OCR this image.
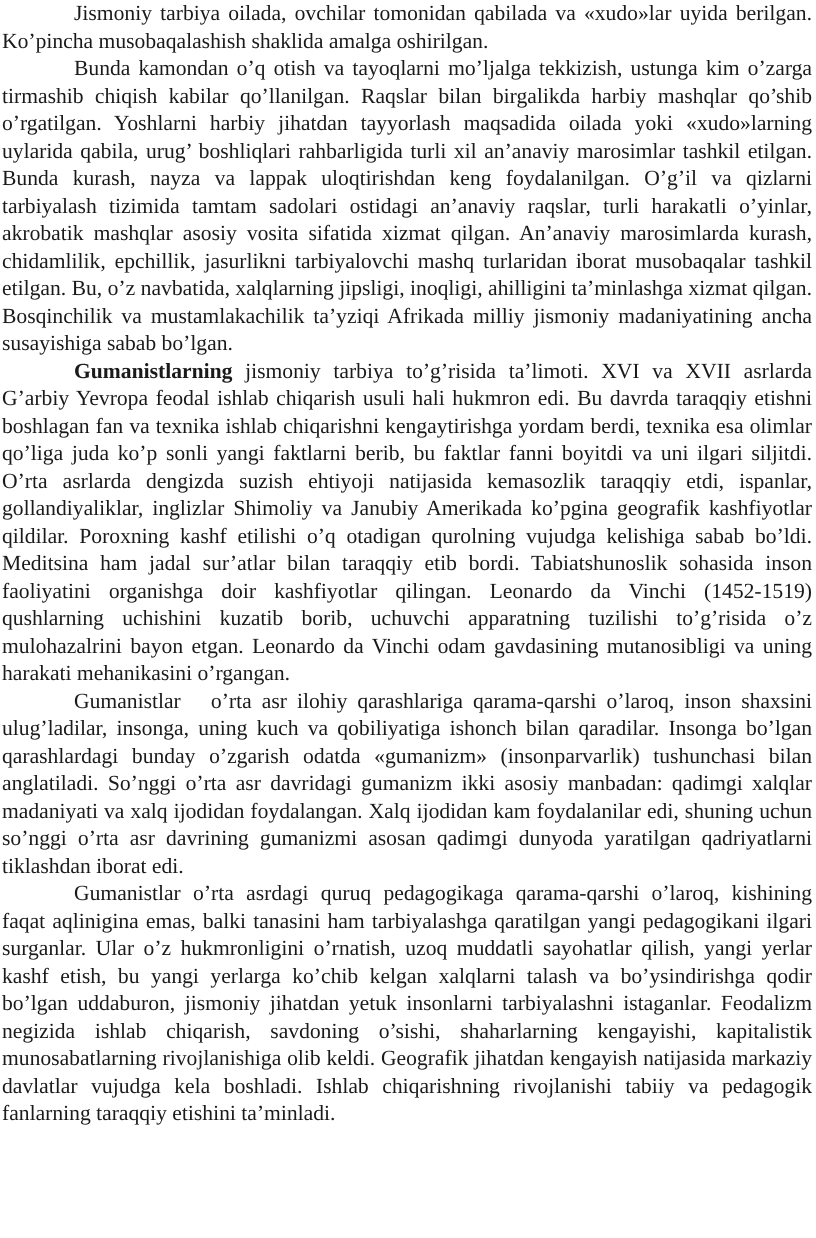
Jismoniy tarbiya oilada, ovchilar tomonidan qabilada va «xudo»lar uyida berilgan. Ko’pincha musobaqalashish shaklida amalga oshirilgan.

Bunda kamondan o’q otish va tayoqlarni mo’ljalga tekkizish, ustunga kim o’zarga tirmashib chiqish kabilar qo’llanilgan. Raqslar bilan birgalikda harbiy mashqlar qo’shib o’rgatilgan. Yoshlarni harbiy jihatdan tayyorlash maqsadida oilada yoki «xudo»larning uylarida qabila, urug’ boshliqlari rahbarligida turli xil an’anaviy marosimlar tashkil etilgan. Bunda kurash, nayza va lappak uloqtirishdan keng foydalanilgan. O’g’il va qizlarni tarbiyalash tizimida tamtam sadolari ostidagi an’anaviy raqslar, turli harakatli o’yinlar, akrobatik mashqlar asosiy vosita sifatida xizmat qilgan. An’anaviy marosimlarda kurash, chidamlilik, epchillik, jasurlikni tarbiyalovchi mashq turlaridan iborat musobaqalar tashkil etilgan. Bu, o’z navbatida, xalqlarning jipsligi, inoqligi, ahilligini ta’minlashga xizmat qilgan. Bosqinchilik va mustamlakachilik ta’yziqi Afrikada milliy jismoniy madaniyatining ancha susayishiga sabab bo’lgan.

Gumanistlarning jismoniy tarbiya to’g’risida ta’limoti. XVI va XVII asrlarda G’arbiy Yevropa feodal ishlab chiqarish usuli hali hukmron edi. Bu davrda taraqqiy etishni boshlagan fan va texnika ishlab chiqarishni kengaytirishga yordam berdi, texnika esa olimlar qo’liga juda ko’p sonli yangi faktlarni berib, bu faktlar fanni boyitdi va uni ilgari siljitdi. O’rta asrlarda dengizda suzish ehtiyoji natijasida kemasozlik taraqqiy etdi, ispanlar, gollandiyaliklar, inglizlar Shimoliy va Janubiy Amerikada ko’pgina geografik kashfiyotlar qildilar. Poroxning kashf etilishi o’q otadigan qurolning vujudga kelishiga sabab bo’ldi. Meditsina ham jadal sur’atlar bilan taraqqiy etib bordi. Tabiatshunoslik sohasida inson faoliyatini organishga doir kashfiyotlar qilingan. Leonardo da Vinchi (1452-1519) qushlarning uchishini kuzatib borib, uchuvchi apparatning tuzilishi to’g’risida o’z mulohazalrini bayon etgan. Leonardo da Vinchi odam gavdasining mutanosibligi va uning harakati mehanikasini o’rgangan.

Gumanistlar o’rta asr ilohiy qarashlariga qarama-qarshi o’laroq, inson shaxsini ulug’ladilar, insonga, uning kuch va qobiliyatiga ishonch bilan qaradilar. Insonga bo’lgan qarashlardagi bunday o’zgarish odatda «gumanizm» (insonparvarlik) tushunchasi bilan anglatiladi. So’nggi o’rta asr davridagi gumanizm ikki asosiy manbadan: qadimgi xalqlar madaniyati va xalq ijodidan foydalangan. Xalq ijodidan kam foydalanilar edi, shuning uchun so’nggi o’rta asr davrining gumanizmi asosan qadimgi dunyoda yaratilgan qadriyatlarni tiklashdan iborat edi.

Gumanistlar o’rta asrdagi quruq pedagogikaga qarama-qarshi o’laroq, kishining faqat aqlinigina emas, balki tanasini ham tarbiyalashga qaratilgan yangi pedagogikani ilgari surganlar. Ular o’z hukmronligini o’rnatish, uzoq muddatli sayohatlar qilish, yangi yerlar kashf etish, bu yangi yerlarga ko’chib kelgan xalqlarni talash va bo’ysindirishga qodir bo’lgan uddaburon, jismoniy jihatdan yetuk insonlarni tarbiyalashni istaganlar. Feodalizm negizida ishlab chiqarish, savdoning o’sishi, shaharlarning kengayishi, kapitalistik munosabatlarning rivojlanishiga olib keldi. Geografik jihatdan kengayish natijasida markaziy davlatlar vujudga kela boshladi. Ishlab chiqarishning rivojlanishi tabiiy va pedagogik fanlarning taraqqiy etishini ta’minladi.
